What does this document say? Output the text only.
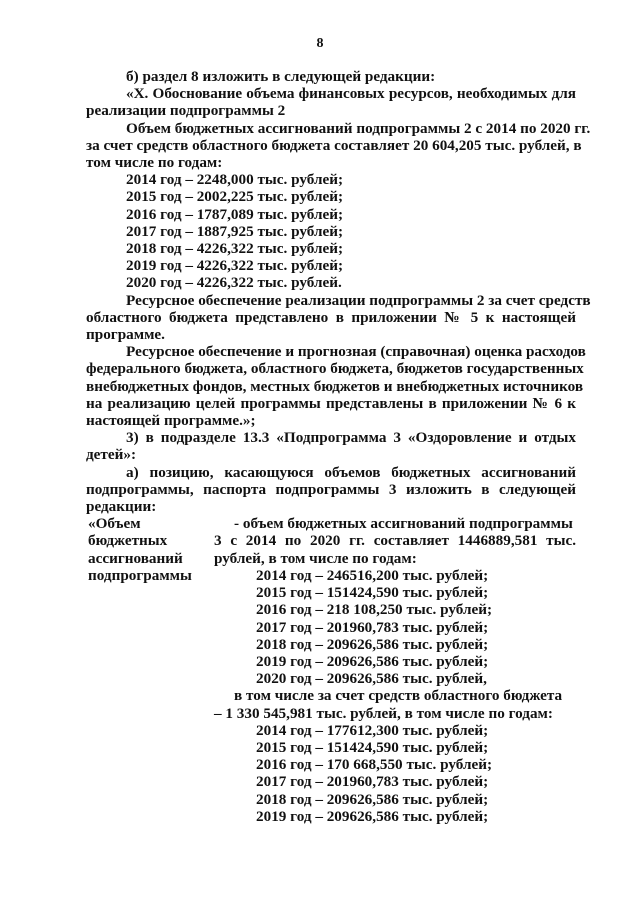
8
б) раздел 8 изложить в следующей редакции:
«X. Обоснование объема финансовых ресурсов, необходимых для
реализации подпрограммы 2
Объем бюджетных ассигнований подпрограммы 2 с 2014 по 2020 гг.
за счет средств областного бюджета составляет 20 604,205 тыс. рублей, в
том числе по годам:
2014 год – 2248,000 тыс. рублей;
2015 год – 2002,225 тыс. рублей;
2016 год – 1787,089 тыс. рублей;
2017 год – 1887,925 тыс. рублей;
2018 год – 4226,322 тыс. рублей;
2019 год – 4226,322 тыс. рублей;
2020 год – 4226,322 тыс. рублей.
Ресурсное обеспечение реализации подпрограммы 2 за счет средств
областного бюджета представлено в приложении № 5 к настоящей
программе.
Ресурсное обеспечение и прогнозная (справочная) оценка расходов
федерального бюджета, областного бюджета, бюджетов государственных
внебюджетных фондов, местных бюджетов и внебюджетных источников
на реализацию целей программы представлены в приложении № 6 к
настоящей программе.»;
3) в подразделе 13.3 «Подпрограмма 3 «Оздоровление и отдых
детей»:
а) позицию, касающуюся объемов бюджетных ассигнований
подпрограммы, паспорта подпрограммы 3 изложить в следующей
редакции:
«Объем
бюджетных
ассигнований
подпрограммы
- объем бюджетных ассигнований подпрограммы
3 с 2014 по 2020 гг. составляет 1446889,581 тыс.
рублей, в том числе по годам:
2014 год – 246516,200 тыс. рублей;
2015 год – 151424,590 тыс. рублей;
2016 год – 218 108,250 тыс. рублей;
2017 год – 201960,783 тыс. рублей;
2018 год – 209626,586 тыс. рублей;
2019 год – 209626,586 тыс. рублей;
2020 год – 209626,586 тыс. рублей,
в том числе за счет средств областного бюджета
– 1 330 545,981 тыс. рублей, в том числе по годам:
2014 год – 177612,300 тыс. рублей;
2015 год – 151424,590 тыс. рублей;
2016 год – 170 668,550 тыс. рублей;
2017 год – 201960,783 тыс. рублей;
2018 год – 209626,586 тыс. рублей;
2019 год – 209626,586 тыс. рублей;
